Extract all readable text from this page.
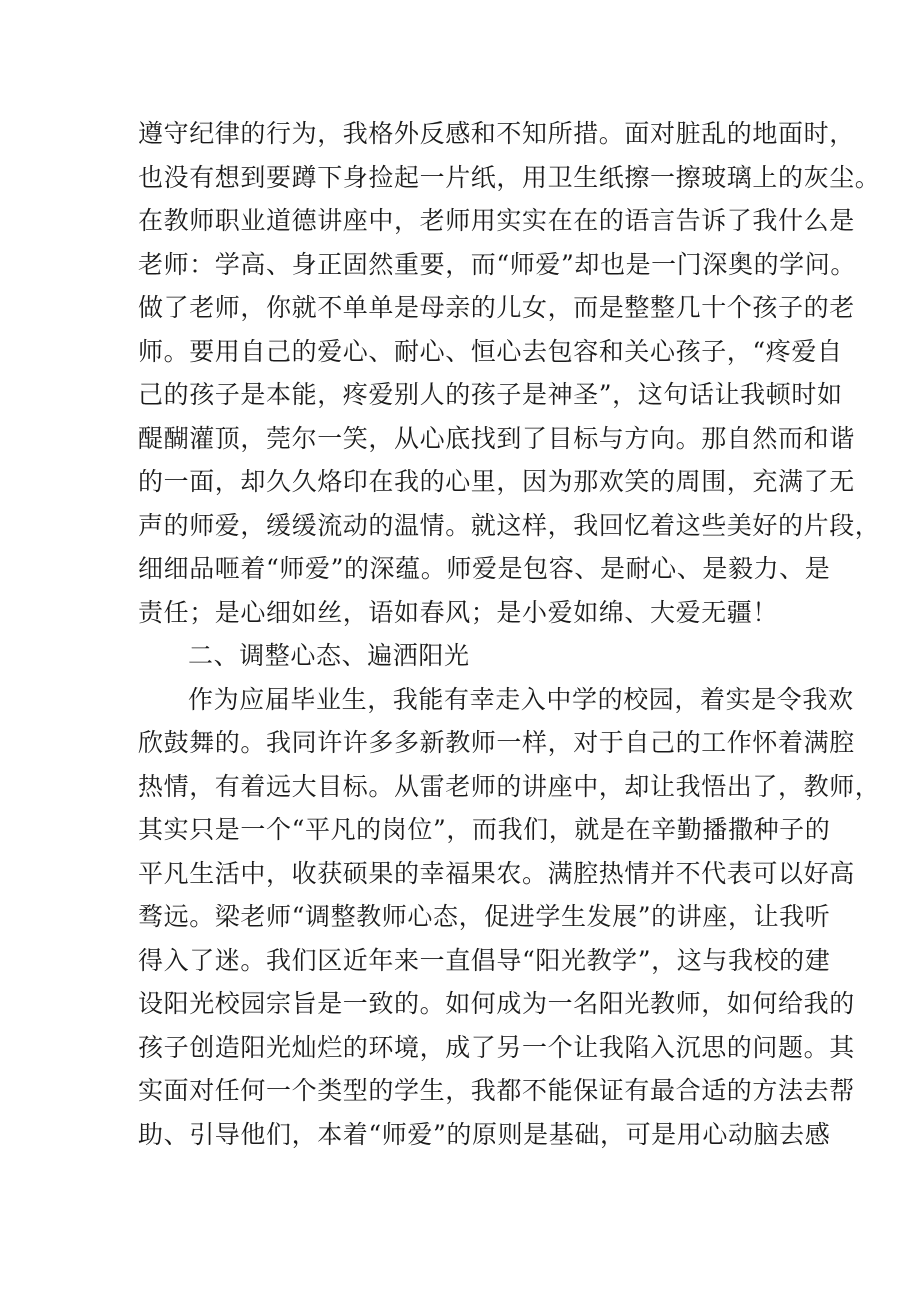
遵守纪律的行为，我格外反感和不知所措。面对脏乱的地面时，
也没有想到要蹲下身捡起一片纸，用卫生纸擦一擦玻璃上的灰尘。
在教师职业道德讲座中，老师用实实在在的语言告诉了我什么是
老师：学高、身正固然重要，而“师爱”却也是一门深奥的学问。
做了老师，你就不单单是母亲的儿女，而是整整几十个孩子的老
师。要用自己的爱心、耐心、恒心去包容和关心孩子，“疼爱自
己的孩子是本能，疼爱别人的孩子是神圣”，这句话让我顿时如
醍醐灌顶，莞尔一笑，从心底找到了目标与方向。那自然而和谐
的一面，却久久烙印在我的心里，因为那欢笑的周围，充满了无
声的师爱，缓缓流动的温情。就这样，我回忆着这些美好的片段，
细细品咂着“师爱”的深蕴。师爱是包容、是耐心、是毅力、是
责任；是心细如丝，语如春风；是小爱如绵、大爱无疆！
二、调整心态、遍洒阳光
作为应届毕业生，我能有幸走入中学的校园，着实是令我欢
欣鼓舞的。我同许许多多新教师一样，对于自己的工作怀着满腔
热情，有着远大目标。从雷老师的讲座中，却让我悟出了，教师，
其实只是一个“平凡的岗位”，而我们，就是在辛勤播撒种子的
平凡生活中，收获硕果的幸福果农。满腔热情并不代表可以好高
骛远。梁老师“调整教师心态，促进学生发展”的讲座，让我听
得入了迷。我们区近年来一直倡导“阳光教学”，这与我校的建
设阳光校园宗旨是一致的。如何成为一名阳光教师，如何给我的
孩子创造阳光灿烂的环境，成了另一个让我陷入沉思的问题。其
实面对任何一个类型的学生，我都不能保证有最合适的方法去帮
助、引导他们，本着“师爱”的原则是基础，可是用心动脑去感
